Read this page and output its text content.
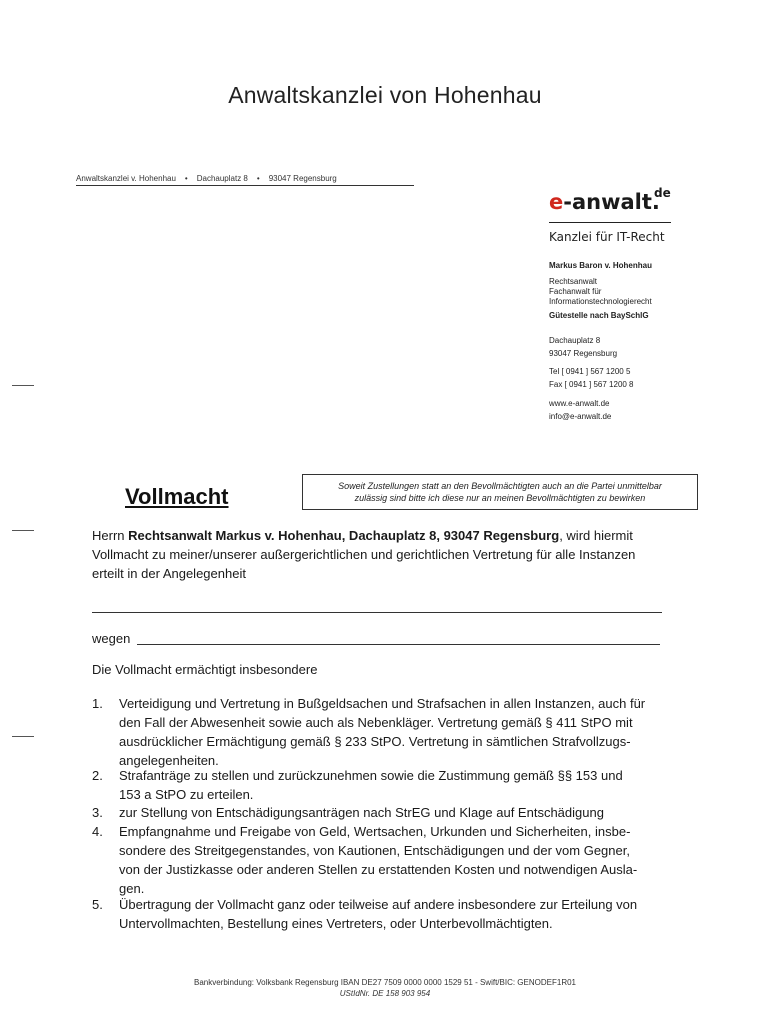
Anwaltskanzlei von Hohenhau
Anwaltskanzlei v. Hohenhau • Dachauplatz 8 • 93047 Regensburg
e-anwalt.
de
Kanzlei für IT-Recht
Markus Baron v. Hohenhau
Rechtsanwalt
Fachanwalt für
Informationstechnologierecht
Gütestelle nach BaySchlG
Dachauplatz 8
93047 Regensburg
Tel [ 0941 ] 567 1200 5
Fax [ 0941 ] 567 1200 8
www.e-anwalt.de
info@e-anwalt.de
Soweit Zustellungen statt an den Bevollmächtigten auch an die Partei unmittelbar
zulässig sind bitte ich diese nur an meinen Bevollmächtigten zu bewirken
Vollmacht
Herrn Rechtsanwalt Markus v. Hohenhau, Dachauplatz 8, 93047 Regensburg, wird hiermit
Vollmacht zu meiner/unserer außergerichtlichen und gerichtlichen Vertretung für alle Instanzen
erteilt in der Angelegenheit
wegen
Die Vollmacht ermächtigt insbesondere
1. Verteidigung und Vertretung in Bußgeldsachen und Strafsachen in allen Instanzen, auch für
den Fall der Abwesenheit sowie auch als Nebenkläger. Vertretung gemäß § 411 StPO mit
ausdrücklicher Ermächtigung gemäß § 233 StPO. Vertretung in sämtlichen Strafvollzugs-
angelegenheiten.
2. Strafanträge zu stellen und zurückzunehmen sowie die Zustimmung gemäß §§ 153 und
153 a StPO zu erteilen.
3. zur Stellung von Entschädigungsanträgen nach StrEG und Klage auf Entschädigung
4. Empfangnahme und Freigabe von Geld, Wertsachen, Urkunden und Sicherheiten, insbe-
sondere des Streitgegenstandes, von Kautionen, Entschädigungen und der vom Gegner,
von der Justizkasse oder anderen Stellen zu erstattenden Kosten und notwendigen Ausla-
gen.
5. Übertragung der Vollmacht ganz oder teilweise auf andere insbesondere zur Erteilung von
Untervollmachten, Bestellung eines Vertreters, oder Unterbevollmächtigten.
Bankverbindung: Volksbank Regensburg IBAN DE27 7509 0000 0000 1529 51 - Swift/BIC: GENODEF1R01
UStIdNr. DE 158 903 954
